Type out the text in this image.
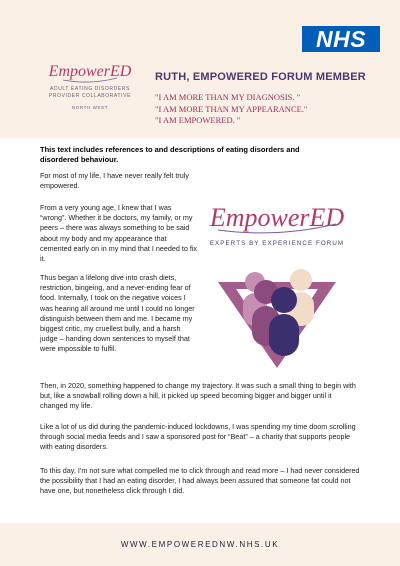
NHS
EmpowerED
ADULT EATING DISORDERS
PROVIDER COLLABORATIVE
NORTH WEST
RUTH, EMPOWERED FORUM MEMBER
"I AM MORE THAN MY DIAGNOSIS. "
"I AM MORE THAN MY APPEARANCE."
"I AM EMPOWERED. "
This text includes references to and descriptions of eating disorders and disordered behaviour.
For most of my life, I have never really felt truly empowered.
From a very young age, I knew that I was “wrong”. Whether it be doctors, my family, or my peers – there was always something to be said about my body and my appearance that cemented early on in my mind that I needed to fix it.
Thus began a lifelong dive into crash diets, restriction, bingeing, and a never-ending fear of food. Internally, I took on the negative voices I was hearing all around me until I could no longer distinguish between them and me. I became my biggest critic, my cruellest bully, and a harsh judge – handing down sentences to myself that were impossible to fulfil.
EmpowerED
EXPERTS BY EXPERIENCE FORUM
Then, in 2020, something happened to change my trajectory. It was such a small thing to begin with but, like a snowball rolling down a hill, it picked up speed becoming bigger and bigger until it changed my life.
Like a lot of us did during the pandemic-induced lockdowns, I was spending my time doom scrolling through social media feeds and I saw a sponsored post for “Beat” – a charity that supports people with eating disorders.
To this day, I’m not sure what compelled me to click through and read more – I had never considered the possibility that I had an eating disorder, I had always been assured that someone fat could not have one, but nonetheless click through I did.
WWW.EMPOWEREDNW.NHS.UK
